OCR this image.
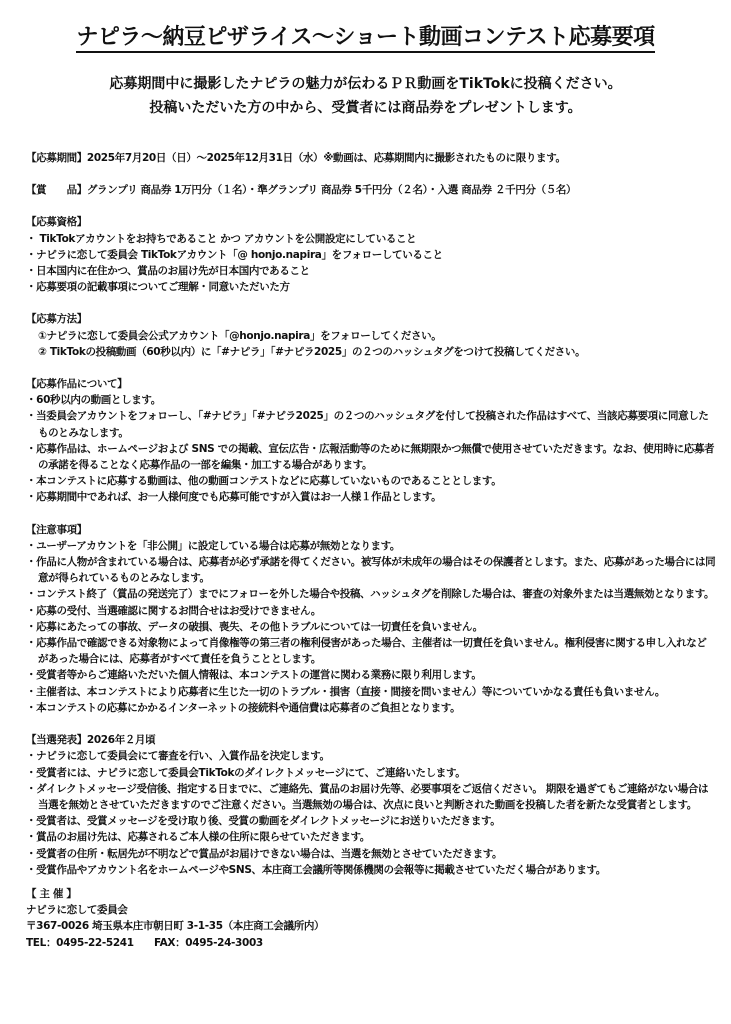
ナピラ〜納豆ピザライス〜ショート動画コンテスト応募要項
応募期間中に撮影したナピラの魅力が伝わるＰＲ動画をTikTokに投稿ください。
投稿いただいた方の中から、受賞者には商品券をプレゼントします。
【応募期間】2025年7月20日（日）〜2025年12月31日（水）※動画は、応募期間内に撮影されたものに限ります。
【賞　　品】グランプリ 商品券 1万円分（１名）・準グランプリ 商品券 5千円分（２名）・入選 商品券 ２千円分（５名）
【応募資格】
・ TikTokアカウントをお持ちであること かつ アカウントを公開設定にしていること
・ナピラに恋して委員会 TikTokアカウント「@ honjo.napira」をフォローしていること
・日本国内に在住かつ、賞品のお届け先が日本国内であること
・応募要項の記載事項についてご理解・同意いただいた方
【応募方法】
①ナピラに恋して委員会公式アカウント「@honjo.napira」をフォローしてください。
② TikTokの投稿動画（60秒以内）に「#ナピラ」「#ナピラ2025」の２つのハッシュタグをつけて投稿してください。
【応募作品について】
・60秒以内の動画とします。
・当委員会アカウントをフォローし、「#ナピラ」「#ナピラ2025」の２つのハッシュタグを付して投稿された作品はすべて、当該応募要項に同意したものとみなします。
・応募作品は、ホームページおよび SNS での掲載、宣伝広告・広報活動等のために無期限かつ無償で使用させていただきます。なお、使用時に応募者の承諾を得ることなく応募作品の一部を編集・加工する場合があります。
・本コンテストに応募する動画は、他の動画コンテストなどに応募していないものであることとします。
・応募期間中であれば、お一人様何度でも応募可能ですが入賞はお一人様１作品とします。
【注意事項】
・ユーザーアカウントを「非公開」に設定している場合は応募が無効となります。
・作品に人物が含まれている場合は、応募者が必ず承諾を得てください。被写体が未成年の場合はその保護者とします。また、応募があった場合には同意が得られているものとみなします。
・コンテスト終了（賞品の発送完了）までにフォローを外した場合や投稿、ハッシュタグを削除した場合は、審査の対象外または当選無効となります。
・応募の受付、当選確認に関するお問合せはお受けできません。
・応募にあたっての事故、データの破損、喪失、その他トラブルについては一切責任を負いません。
・応募作品で確認できる対象物によって肖像権等の第三者の権利侵害があった場合、主催者は一切責任を負いません。権利侵害に関する申し入れなどがあった場合には、応募者がすべて責任を負うこととします。
・受賞者等からご連絡いただいた個人情報は、本コンテストの運営に関わる業務に限り利用します。
・主催者は、本コンテストにより応募者に生じた一切のトラブル・損害（直接・間接を問いません）等についていかなる責任も負いません。
・本コンテストの応募にかかるインターネットの接続料や通信費は応募者のご負担となります。
【当選発表】2026年２月頃
・ナピラに恋して委員会にて審査を行い、入賞作品を決定します。
・受賞者には、ナピラに恋して委員会TikTokのダイレクトメッセージにて、ご連絡いたします。
・ダイレクトメッセージ受信後、指定する日までに、ご連絡先、賞品のお届け先等、必要事項をご返信ください。 期限を過ぎてもご連絡がない場合は当選を無効とさせていただきますのでご注意ください。当選無効の場合は、次点に良いと判断された動画を投稿した者を新たな受賞者とします。
・受賞者は、受賞メッセージを受け取り後、受賞の動画をダイレクトメッセージにお送りいただきます。
・賞品のお届け先は、応募されるご本人様の住所に限らせていただきます。
・受賞者の住所・転居先が不明などで賞品がお届けできない場合は、当選を無効とさせていただきます。
・受賞作品やアカウント名をホームページやSNS、本庄商工会議所等関係機関の会報等に掲載させていただく場合があります。
【 主 催 】
ナピラに恋して委員会
〒367-0026 埼玉県本庄市朝日町 3-1-35（本庄商工会議所内）
TEL：0495-22-5241　　FAX：0495-24-3003
